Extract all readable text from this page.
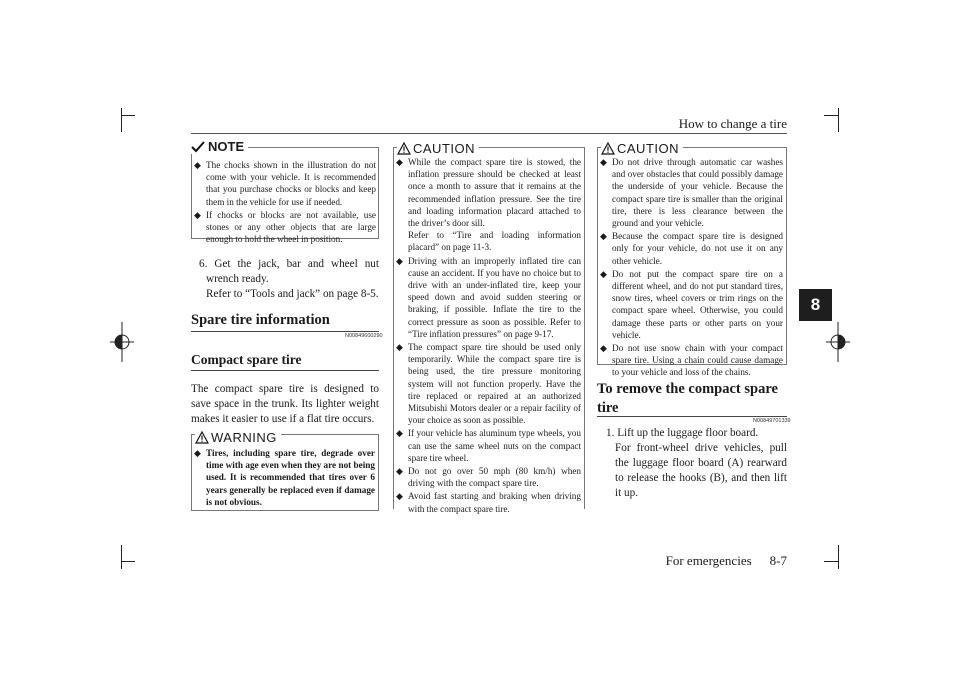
How to change a tire
8
NOTE
◆ The chocks shown in the illustration do not come with your vehicle. It is recommended that you purchase chocks or blocks and keep them in the vehicle for use if needed.
◆ If chocks or blocks are not available, use stones or any other objects that are large enough to hold the wheel in position.
6. Get the jack, bar and wheel nut wrench ready.
Refer to “Tools and jack” on page 8-5.
Spare tire information
N00849600290
Compact spare tire
The compact spare tire is designed to save space in the trunk. Its lighter weight makes it easier to use if a flat tire occurs.
WARNING
◆ Tires, including spare tire, degrade over time with age even when they are not being used. It is recommended that tires over 6 years generally be replaced even if damage is not obvious.
CAUTION
◆ While the compact spare tire is stowed, the inflation pressure should be checked at least once a month to assure that it remains at the recommended inflation pressure. See the tire and loading information placard attached to the driver’s door sill.
Refer to “Tire and loading information placard” on page 11-3.
◆ Driving with an improperly inflated tire can cause an accident. If you have no choice but to drive with an under-inflated tire, keep your speed down and avoid sudden steering or braking, if possible. Inflate the tire to the correct pressure as soon as possible. Refer to “Tire inflation pressures” on page 9-17.
◆ The compact spare tire should be used only temporarily. While the compact spare tire is being used, the tire pressure monitoring system will not function properly. Have the tire replaced or repaired at an authorized Mitsubishi Motors dealer or a repair facility of your choice as soon as possible.
◆ If your vehicle has aluminum type wheels, you can use the same wheel nuts on the compact spare tire wheel.
◆ Do not go over 50 mph (80 km/h) when driving with the compact spare tire.
◆ Avoid fast starting and braking when driving with the compact spare tire.
CAUTION
◆ Do not drive through automatic car washes and over obstacles that could possibly damage the underside of your vehicle. Because the compact spare tire is smaller than the original tire, there is less clearance between the ground and your vehicle.
◆ Because the compact spare tire is designed only for your vehicle, do not use it on any other vehicle.
◆ Do not put the compact spare tire on a different wheel, and do not put standard tires, snow tires, wheel covers or trim rings on the compact spare wheel. Otherwise, you could damage these parts or other parts on your vehicle.
◆ Do not use snow chain with your compact spare tire. Using a chain could cause damage to your vehicle and loss of the chains.
To remove the compact spare tire
N00849701339
1. Lift up the luggage floor board.
For front-wheel drive vehicles, pull the luggage floor board (A) rearward to release the hooks (B), and then lift it up.
For emergencies 8-7
